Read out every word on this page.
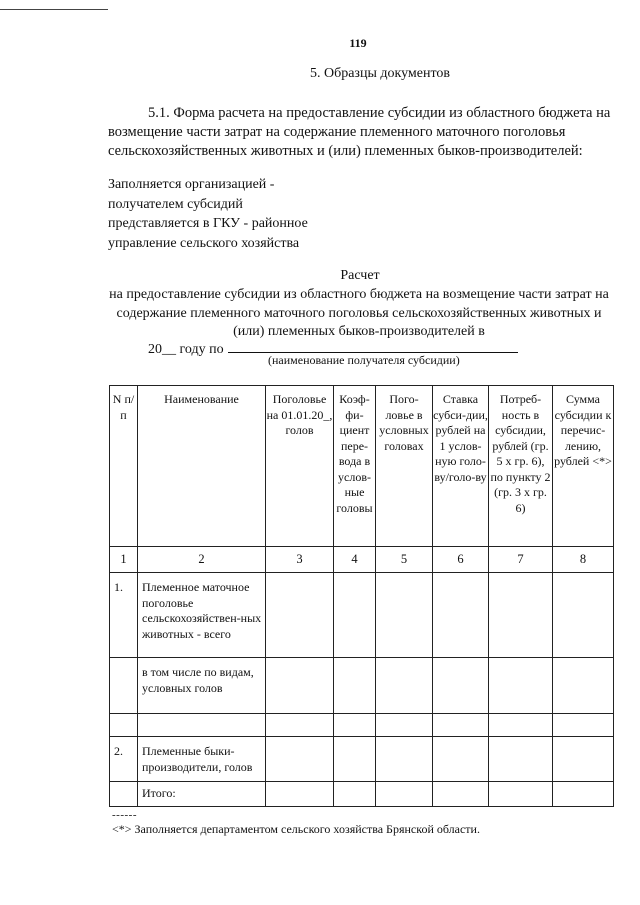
119
5. Образцы документов
5.1. Форма расчета на предоставление субсидии из областного бюджета на возмещение части затрат на содержание племенного маточного поголовья сельскохозяйственных животных и (или) племенных быков-производителей:
Заполняется организацией -
получателем субсидий
представляется в ГКУ - районное
управление сельского хозяйства
Расчет
на предоставление субсидии из областного бюджета на возмещение части затрат на содержание племенного маточного поголовья сельскохозяйственных животных и (или) племенных быков-производителей в
20__ году по
(наименование получателя субсидии)
N п/п	Наименование	Поголовье на 01.01.20_, голов	Коэф-фи-циент пере-вода в услов-ные головы	Пого-ловье в условных головах	Ставка субси-дии, рублей на 1 услов-ную голо-ву/голо-ву	Потреб-ность в субсидии, рублей (гр. 5 х гр. 6), по пункту 2 (гр. 3 х гр. 6)	Сумма субсидии к перечис-лению, рублей <*>
1	2	3	4	5	6	7	8
1.	Племенное маточное поголовье сельскохозяйствен-ных животных - всего						
	в том числе по видам, условных голов						

2.	Племенные быки-производители, голов						
	Итого:						
------
<*> Заполняется департаментом сельского хозяйства Брянской области.
